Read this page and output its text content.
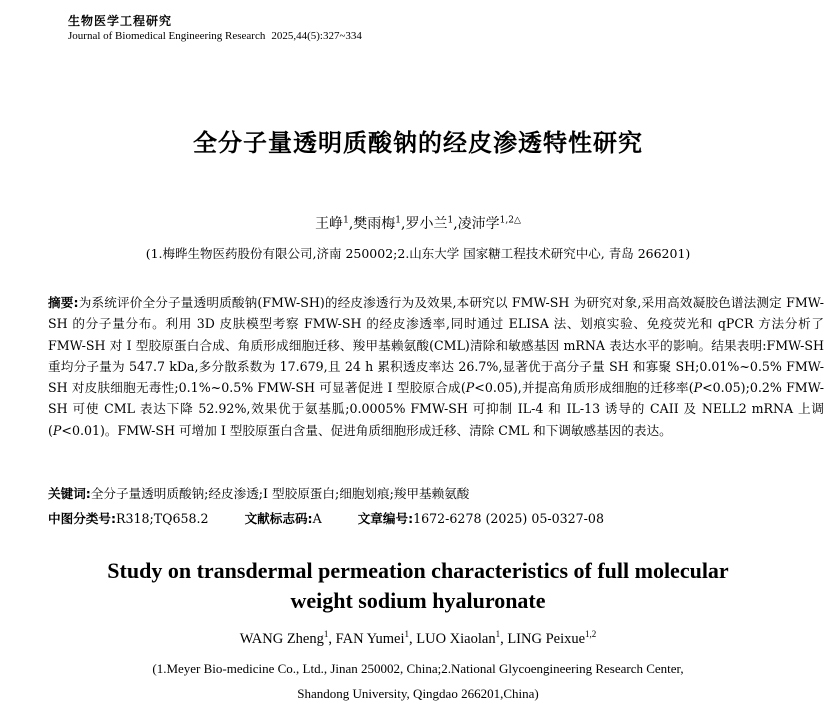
生物医学工程研究
Journal of Biomedical Engineering Research 2025,44(5):327~334
全分子量透明质酸钠的经皮渗透特性研究
王峥$^1$,樊雨梅$^1$,罗小兰$^1$,凌沛学$^{1,2\triangle}$
(1.梅晔生物医药股份有限公司,济南 250002;2.山东大学 国家糖工程技术研究中心, 青岛 266201)
摘要:为系统评价全分子量透明质酸钠(FMW-SH)的经皮渗透行为及效果,本研究以 FMW-SH 为研究对象,采用高效凝胶色谱法测定 FMW-SH 的分子量分布。利用 3D 皮肤模型考察 FMW-SH 的经皮渗透率,同时通过 ELISA 法、划痕实验、免疫荧光和 qPCR 方法分析了 FMW-SH 对 I 型胶原蛋白合成、角质形成细胞迁移、羧甲基赖氨酸(CML)清除和敏感基因 mRNA 表达水平的影响。结果表明:FMW-SH 重均分子量为 547.7 kDa,多分散系数为 17.679,且 24 h 累积透皮率达 26.7%,显著优于高分子量 SH 和寡聚 SH;0.01%~0.5% FMW-SH 对皮肤细胞无毒性;0.1%~0.5% FMW-SH 可显著促进 I 型胶原合成(P<0.05),并提高角质形成细胞的迁移率(P<0.05);0.2% FMW-SH 可使 CML 表达下降 52.92%,效果优于氨基胍;0.0005% FMW-SH 可抑制 IL-4 和 IL-13 诱导的 CAII 及 NELL2 mRNA 上调(P<0.01)。FMW-SH 可增加 I 型胶原蛋白含量、促进角质细胞形成迁移、清除 CML 和下调敏感基因的表达。
关键词:全分子量透明质酸钠;经皮渗透;I 型胶原蛋白;细胞划痕;羧甲基赖氨酸
中图分类号:R318;TQ658.2	文献标志码:A	文章编号:1672-6278 (2025) 05-0327-08
Study on transdermal permeation characteristics of full molecular
weight sodium hyaluronate
WANG Zheng$^1$, FAN Yumei$^1$, LUO Xiaolan$^1$, LING Peixue$^{1,2}$
(1.Meyer Bio-medicine Co., Ltd., Jinan 250002, China;2.National Glycoengineering Research Center,
Shandong University, Qingdao 266201,China)
